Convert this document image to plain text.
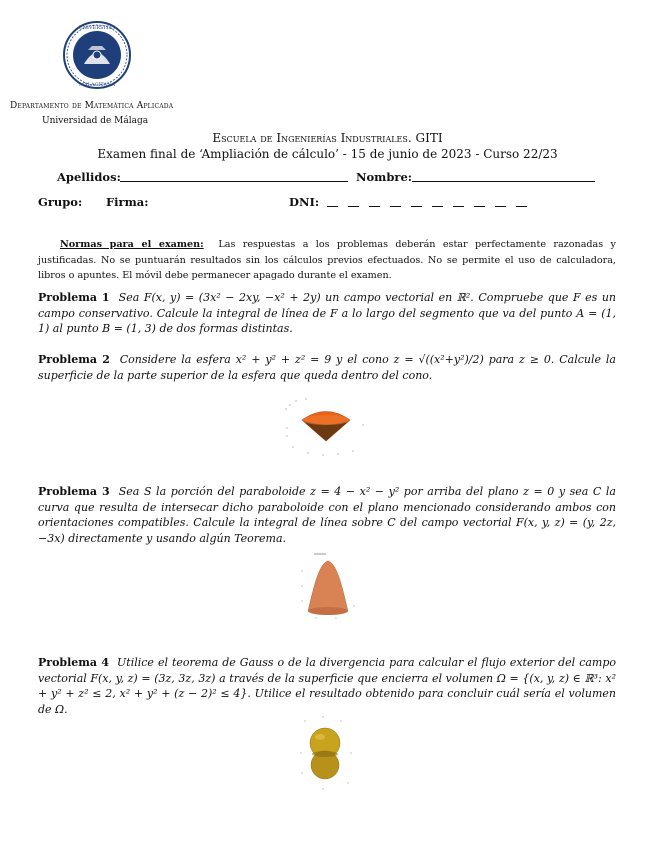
UNIVERSITAS
MALACITANA
Departamento de Matemática Aplicada
Universidad de Málaga
Escuela de Ingenierías Industriales. GITI
Examen final de ‘Ampliación de cálculo’ - 15 de junio de 2023 - Curso 22/23
Apellidos:	Nombre:
Grupo: Firma:	DNI:
Normas para el examen: Las respuestas a los problemas deberán estar perfectamente razonadas y justificadas. No se puntuarán resultados sin los cálculos previos efectuados. No se permite el uso de calculadora, libros o apuntes. El móvil debe permanecer apagado durante el examen.
Problema 1 Sea F(x, y) = (3x² − 2xy, −x² + 2y) un campo vectorial en ℝ². Compruebe que F es un campo conservativo. Calcule la integral de línea de F a lo largo del segmento que va del punto A = (1, 1) al punto B = (1, 3) de dos formas distintas.
Problema 2 Considere la esfera x² + y² + z² = 9 y el cono z = √((x²+y²)/2) para z ≥ 0. Calcule la superficie de la parte superior de la esfera que queda dentro del cono.
Problema 3 Sea S la porción del paraboloide z = 4 − x² − y² por arriba del plano z = 0 y sea C la curva que resulta de intersecar dicho paraboloide con el plano mencionado considerando ambos con orientaciones compatibles. Calcule la integral de línea sobre C del campo vectorial F(x, y, z) = (y, 2z, −3x) directamente y usando algún Teorema.
Problema 4 Utilice el teorema de Gauss o de la divergencia para calcular el flujo exterior del campo vectorial F(x, y, z) = (3z, 3z, 3z) a través de la superficie que encierra el volumen Ω = {(x, y, z) ∈ ℝ³: x² + y² + z² ≤ 2, x² + y² + (z − 2)² ≤ 4}. Utilice el resultado obtenido para concluir cuál sería el volumen de Ω.
